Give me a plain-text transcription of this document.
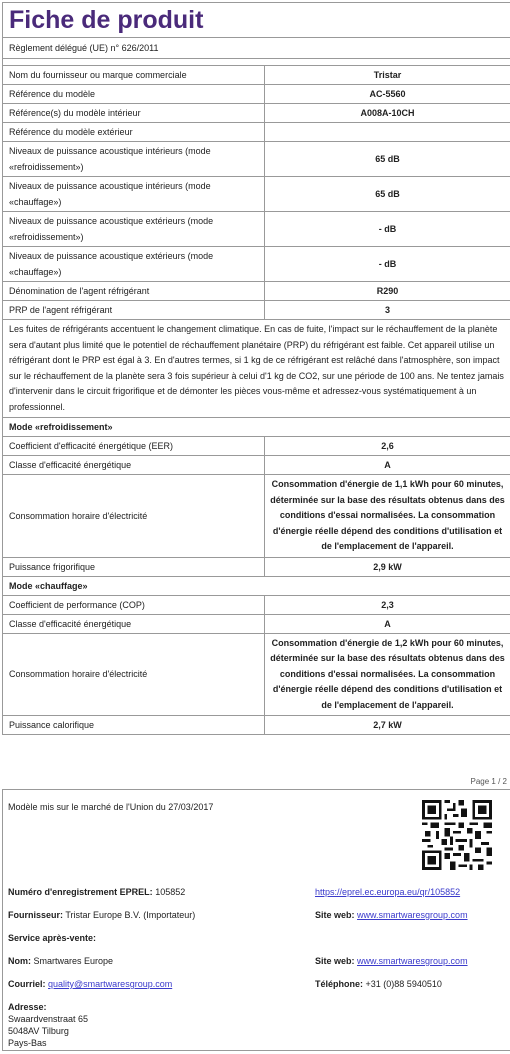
Fiche de produit
Règlement délégué (UE) n° 626/2011
Nom du fournisseur ou marque commerciale	Tristar
Référence du modèle	AC-5560
Référence(s) du modèle intérieur	A008A-10CH
Référence du modèle extérieur	
Niveaux de puissance acoustique intérieurs (mode «refroidissement»)	65 dB
Niveaux de puissance acoustique intérieurs (mode «chauffage»)	65 dB
Niveaux de puissance acoustique extérieurs (mode «refroidissement»)	- dB
Niveaux de puissance acoustique extérieurs (mode «chauffage»)	- dB
Dénomination de l'agent réfrigérant	R290
PRP de l'agent réfrigérant	3
Les fuites de réfrigérants accentuent le changement climatique. En cas de fuite, l'impact sur le réchauffement de la planète sera d'autant plus limité que le potentiel de réchauffement planétaire (PRP) du réfrigérant est faible. Cet appareil utilise un réfrigérant dont le PRP est égal à 3. En d'autres termes, si 1 kg de ce réfrigérant est relâché dans l'atmosphère, son impact sur le réchauffement de la planète sera 3 fois supérieur à celui d'1 kg de CO2, sur une période de 100 ans. Ne tentez jamais d'intervenir dans le circuit frigorifique et de démonter les pièces vous-même et adressez-vous systématiquement à un professionnel.	
Mode «refroidissement»	
Coefficient d'efficacité énergétique (EER)	2,6
Classe d'efficacité énergétique	A
Consommation horaire d'électricité	Consommation d'énergie de 1,1 kWh pour 60 minutes, déterminée sur la base des résultats obtenus dans des conditions d'essai normalisées. La consommation d'énergie réelle dépend des conditions d'utilisation et de l'emplacement de l'appareil.
Puissance frigorifique	2,9 kW
Mode «chauffage»	
Coefficient de performance (COP)	2,3
Classe d'efficacité énergétique	A
Consommation horaire d'électricité	Consommation d'énergie de 1,2 kWh pour 60 minutes, déterminée sur la base des résultats obtenus dans des conditions d'essai normalisées. La consommation d'énergie réelle dépend des conditions d'utilisation et de l'emplacement de l'appareil.
Puissance calorifique	2,7 kW
Page 1 / 2
Modèle mis sur le marché de l'Union du 27/03/2017
Numéro d'enregistrement EPREL: 105852	https://eprel.ec.europa.eu/qr/105852
Fournisseur: Tristar Europe B.V. (Importateur)	Site web: www.smartwaresgroup.com
Service après-vente:
Nom: Smartwares Europe	Site web: www.smartwaresgroup.com
Courriel: quality@smartwaresgroup.com	Téléphone: +31 (0)88 5940510
Adresse:
Swaardvenstraat 65
5048AV Tilburg
Pays-Bas
